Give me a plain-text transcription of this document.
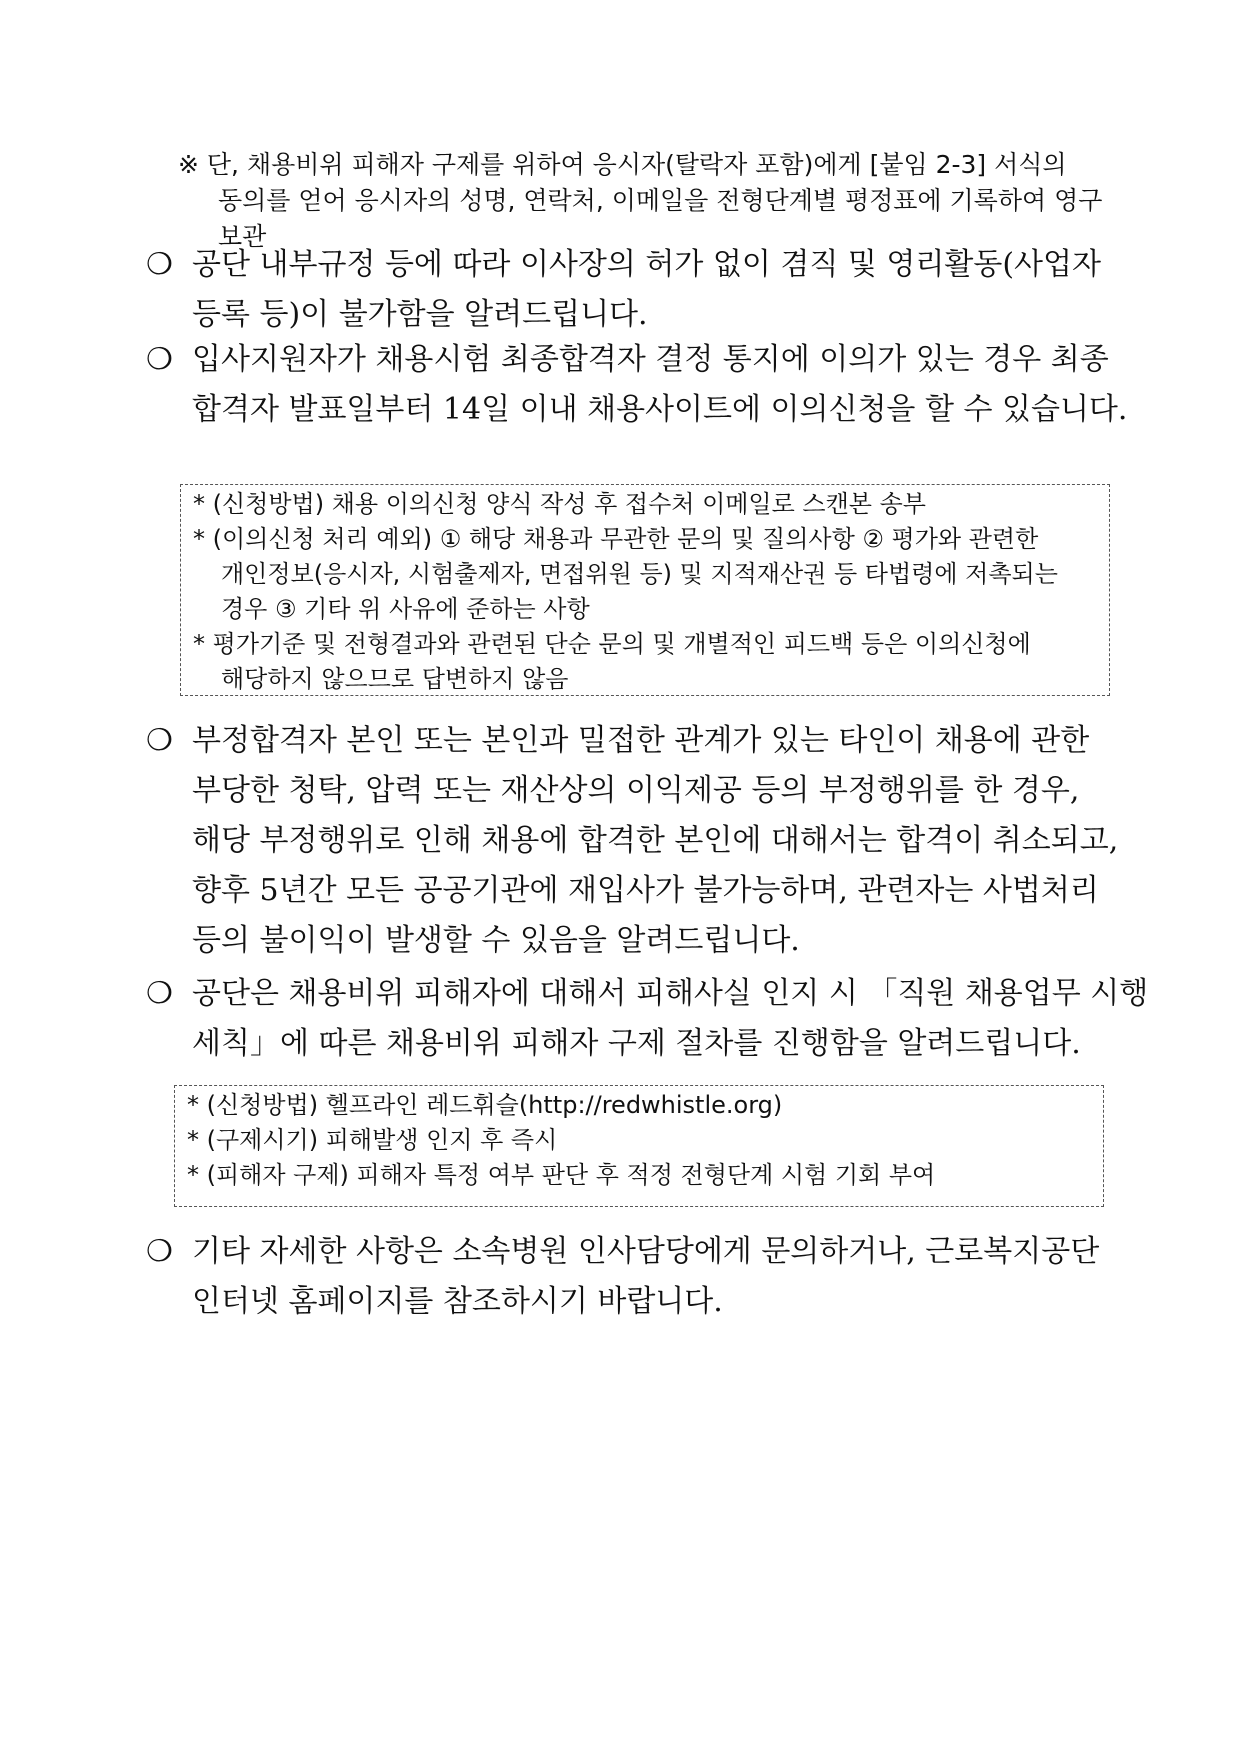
※ 단, 채용비위 피해자 구제를 위하여 응시자(탈락자 포함)에게 [붙임 2-3] 서식의
동의를 얻어 응시자의 성명, 연락처, 이메일을 전형단계별 평정표에 기록하여 영구
보관
❍ 공단 내부규정 등에 따라 이사장의 허가 없이 겸직 및 영리활동(사업자
등록 등)이 불가함을 알려드립니다.
❍ 입사지원자가 채용시험 최종합격자 결정 통지에 이의가 있는 경우 최종
합격자 발표일부터 14일 이내 채용사이트에 이의신청을 할 수 있습니다.
* (신청방법) 채용 이의신청 양식 작성 후 접수처 이메일로 스캔본 송부
* (이의신청 처리 예외) ① 해당 채용과 무관한 문의 및 질의사항 ② 평가와 관련한
개인정보(응시자, 시험출제자, 면접위원 등) 및 지적재산권 등 타법령에 저촉되는
경우 ③ 기타 위 사유에 준하는 사항
* 평가기준 및 전형결과와 관련된 단순 문의 및 개별적인 피드백 등은 이의신청에
해당하지 않으므로 답변하지 않음
❍ 부정합격자 본인 또는 본인과 밀접한 관계가 있는 타인이 채용에 관한
부당한 청탁, 압력 또는 재산상의 이익제공 등의 부정행위를 한 경우,
해당 부정행위로 인해 채용에 합격한 본인에 대해서는 합격이 취소되고,
향후 5년간 모든 공공기관에 재입사가 불가능하며, 관련자는 사법처리
등의 불이익이 발생할 수 있음을 알려드립니다.
❍ 공단은 채용비위 피해자에 대해서 피해사실 인지 시 「직원 채용업무 시행
세칙」에 따른 채용비위 피해자 구제 절차를 진행함을 알려드립니다.
* (신청방법) 헬프라인 레드휘슬(http://redwhistle.org)
* (구제시기) 피해발생 인지 후 즉시
* (피해자 구제) 피해자 특정 여부 판단 후 적정 전형단계 시험 기회 부여
❍ 기타 자세한 사항은 소속병원 인사담당에게 문의하거나, 근로복지공단
인터넷 홈페이지를 참조하시기 바랍니다.
